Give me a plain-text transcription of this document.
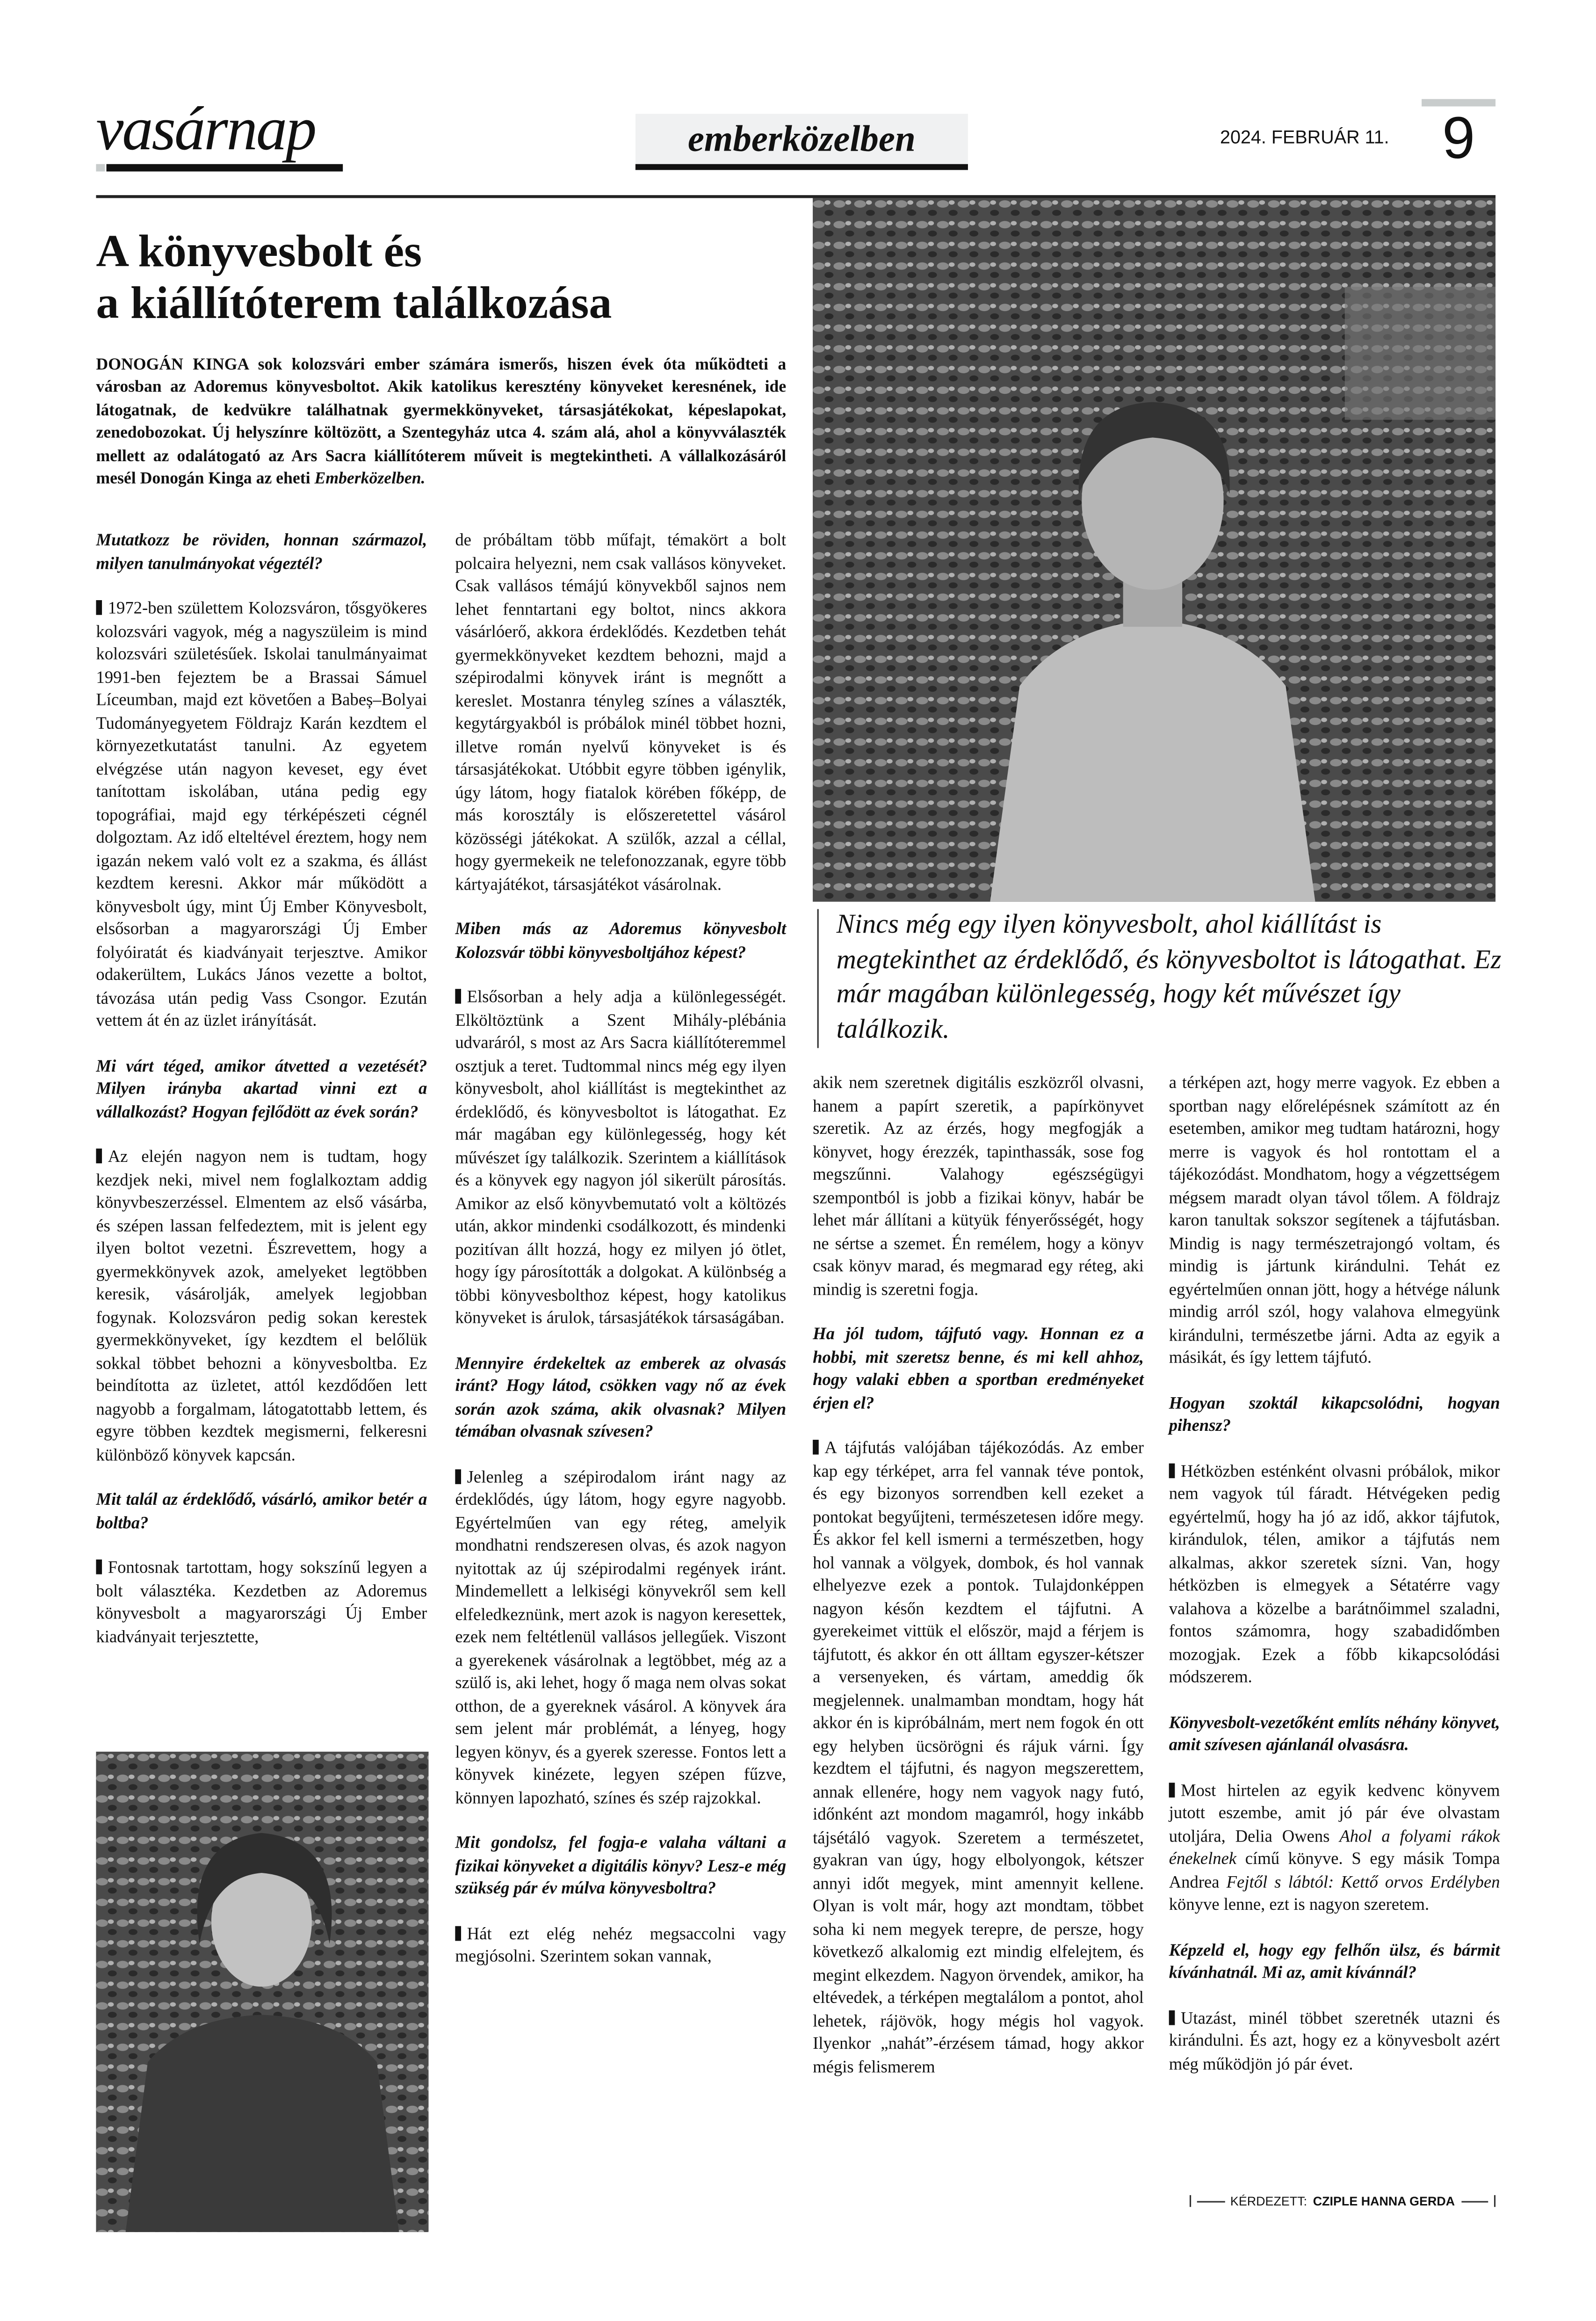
vasárnap	emberközelben	2024. FEBRUÁR 11.	9
A könyvesbolt és
a kiállítóterem találkozása
DONOGÁN KINGA sok kolozsvári ember számára ismerős, hiszen évek óta működteti a városban az Adoremus könyvesboltot. Akik katolikus keresztény könyveket keresnének, ide látogatnak, de kedvükre találhatnak gyermekkönyveket, társasjátékokat, képeslapokat, zenedobozokat. Új helyszínre költözött, a Szentegyház utca 4. szám alá, ahol a könyvválaszték mellett az odalátogató az Ars Sacra kiállítóterem műveit is megtekintheti. A vállalkozásáról mesél Donogán Kinga az eheti Emberközelben.
Nincs még egy ilyen könyvesbolt, ahol kiállítást is megtekinthet az érdeklődő, és könyvesboltot is látogathat. Ez már magában különlegesség, hogy két művészet így találkozik.

Mutatkozz be röviden, honnan származol, milyen tanulmányokat végeztél?

1972-ben születtem Kolozsváron, tősgyökeres kolozsvári vagyok, még a nagyszüleim is mind kolozsvári születésűek. Iskolai tanulmányaimat 1991-ben fejeztem be a Brassai Sámuel Líceumban, majd ezt követően a Babeș–Bolyai Tudományegyetem Földrajz Karán kezdtem el környezetkutatást tanulni. Az egyetem elvégzése után nagyon keveset, egy évet tanítottam iskolában, utána pedig egy topográfiai, majd egy térképészeti cégnél dolgoztam. Az idő elteltével éreztem, hogy nem igazán nekem való volt ez a szakma, és állást kezdtem keresni. Akkor már működött a könyvesbolt úgy, mint Új Ember Könyvesbolt, elsősorban a magyarországi Új Ember folyóiratát és kiadványait terjesztve. Amikor odakerültem, Lukács János vezette a boltot, távozása után pedig Vass Csongor. Ezután vettem át én az üzlet irányítását.

Mi várt téged, amikor átvetted a vezetését? Milyen irányba akartad vinni ezt a vállalkozást? Hogyan fejlődött az évek során?

Az elején nagyon nem is tudtam, hogy kezdjek neki, mivel nem foglalkoztam addig könyvbeszerzéssel. Elmentem az első vásárba, és szépen lassan felfedeztem, mit is jelent egy ilyen boltot vezetni. Észrevettem, hogy a gyermekkönyvek azok, amelyeket legtöbben keresik, vásárolják, amelyek legjobban fogynak. Kolozsváron pedig sokan kerestek gyermekkönyveket, így kezdtem el belőlük sokkal többet behozni a könyvesboltba. Ez beindította az üzletet, attól kezdődően lett nagyobb a forgalmam, látogatottabb lettem, és egyre többen kezdtek megismerni, felkeresni különböző könyvek kapcsán.

Mit talál az érdeklődő, vásárló, amikor betér a boltba?

Fontosnak tartottam, hogy sokszínű legyen a bolt választéka. Kezdetben az Adoremus könyvesbolt a magyarországi Új Ember kiadványait terjesztette,

de próbáltam több műfajt, témakört a bolt polcaira helyezni, nem csak vallásos könyveket. Csak vallásos témájú könyvekből sajnos nem lehet fenntartani egy boltot, nincs akkora vásárlóerő, akkora érdeklődés. Kezdetben tehát gyermekkönyveket kezdtem behozni, majd a szépirodalmi könyvek iránt is megnőtt a kereslet. Mostanra tényleg színes a választék, kegytárgyakból is próbálok minél többet hozni, illetve román nyelvű könyveket is és társasjátékokat. Utóbbit egyre többen igénylik, úgy látom, hogy fiatalok körében főképp, de más korosztály is előszeretettel vásárol közösségi játékokat. A szülők, azzal a céllal, hogy gyermekeik ne telefonozzanak, egyre több kártyajátékot, társasjátékot vásárolnak.

Miben más az Adoremus könyvesbolt Kolozsvár többi könyvesboltjához képest?

Elsősorban a hely adja a különlegességét. Elköltöztünk a Szent Mihály-plébánia udvaráról, s most az Ars Sacra kiállítóteremmel osztjuk a teret. Tudtommal nincs még egy ilyen könyvesbolt, ahol kiállítást is megtekinthet az érdeklődő, és könyvesboltot is látogathat. Ez már magában egy különlegesség, hogy két művészet így találkozik. Szerintem a kiállítások és a könyvek egy nagyon jól sikerült párosítás. Amikor az első könyvbemutató volt a költözés után, akkor mindenki csodálkozott, és mindenki pozitívan állt hozzá, hogy ez milyen jó ötlet, hogy így párosították a dolgokat. A különbség a többi könyvesbolthoz képest, hogy katolikus könyveket is árulok, társasjátékok társaságában.

Mennyire érdekeltek az emberek az olvasás iránt? Hogy látod, csökken vagy nő az évek során azok száma, akik olvasnak? Milyen témában olvasnak szívesen?

Jelenleg a szépirodalom iránt nagy az érdeklődés, úgy látom, hogy egyre nagyobb. Egyértelműen van egy réteg, amelyik mondhatni rendszeresen olvas, és azok nagyon nyitottak az új szépirodalmi regények iránt. Mindemellett a lelkiségi könyvekről sem kell elfeledkeznünk, mert azok is nagyon keresettek, ezek nem feltétlenül vallásos jellegűek. Viszont a gyerekenek vásárolnak a legtöbbet, még az a szülő is, aki lehet, hogy ő maga nem olvas sokat otthon, de a gyereknek vásárol. A könyvek ára sem jelent már problémát, a lényeg, hogy legyen könyv, és a gyerek szeresse. Fontos lett a könyvek kinézete, legyen szépen fűzve, könnyen lapozható, színes és szép rajzokkal.

Mit gondolsz, fel fogja-e valaha váltani a fizikai könyveket a digitális könyv? Lesz-e még szükség pár év múlva könyvesboltra?

Hát ezt elég nehéz megsaccolni vagy megjósolni. Szerintem sokan vannak,

akik nem szeretnek digitális eszközről olvasni, hanem a papírt szeretik, a papírkönyvet szeretik. Az az érzés, hogy megfogják a könyvet, hogy érezzék, tapinthassák, sose fog megszűnni. Valahogy egészségügyi szempontból is jobb a fizikai könyv, habár be lehet már állítani a kütyük fényerősségét, hogy ne sértse a szemet. Én remélem, hogy a könyv csak könyv marad, és megmarad egy réteg, aki mindig is szeretni fogja.

Ha jól tudom, tájfutó vagy. Honnan ez a hobbi, mit szeretsz benne, és mi kell ahhoz, hogy valaki ebben a sportban eredményeket érjen el?

A tájfutás valójában tájékozódás. Az ember kap egy térképet, arra fel vannak téve pontok, és egy bizonyos sorrendben kell ezeket a pontokat begyűjteni, természetesen időre megy. És akkor fel kell ismerni a természetben, hogy hol vannak a völgyek, dombok, és hol vannak elhelyezve ezek a pontok. Tulajdonképpen nagyon későn kezdtem el tájfutni. A gyerekeimet vittük el először, majd a férjem is tájfutott, és akkor én ott álltam egyszer-kétszer a versenyeken, és vártam, ameddig ők megjelennek. unalmamban mondtam, hogy hát akkor én is kipróbálnám, mert nem fogok én ott egy helyben ücsörögni és rájuk várni. Így kezdtem el tájfutni, és nagyon megszerettem, annak ellenére, hogy nem vagyok nagy futó, időnként azt mondom magamról, hogy inkább tájsétáló vagyok. Szeretem a természetet, gyakran van úgy, hogy elbolyongok, kétszer annyi időt megyek, mint amennyit kellene. Olyan is volt már, hogy azt mondtam, többet soha ki nem megyek terepre, de persze, hogy következő alkalomig ezt mindig elfelejtem, és megint elkezdem. Nagyon örvendek, amikor, ha eltévedek, a térképen megtalálom a pontot, ahol lehetek, rájövök, hogy mégis hol vagyok. Ilyenkor „nahát”-érzésem támad, hogy akkor mégis felismerem

a térképen azt, hogy merre vagyok. Ez ebben a sportban nagy előrelépésnek számított az én esetemben, amikor meg tudtam határozni, hogy merre is vagyok és hol rontottam el a tájékozódást. Mondhatom, hogy a végzettségem mégsem maradt olyan távol tőlem. A földrajz karon tanultak sokszor segítenek a tájfutásban. Mindig is nagy természetrajongó voltam, és mindig is jártunk kirándulni. Tehát ez egyértelműen onnan jött, hogy a hétvége nálunk mindig arról szól, hogy valahova elmegyünk kirándulni, természetbe járni. Adta az egyik a másikát, és így lettem tájfutó.

Hogyan szoktál kikapcsolódni, hogyan pihensz?

Hétközben esténként olvasni próbálok, mikor nem vagyok túl fáradt. Hétvégeken pedig egyértelmű, hogy ha jó az idő, akkor tájfutok, kirándulok, télen, amikor a tájfutás nem alkalmas, akkor szeretek sízni. Van, hogy hétközben is elmegyek a Sétatérre vagy valahova a közelbe a barátnőimmel szaladni, fontos számomra, hogy szabadidőmben mozogjak. Ezek a főbb kikapcsolódási módszerem.

Könyvesbolt-vezetőként említs néhány könyvet, amit szívesen ajánlanál olvasásra.

Most hirtelen az egyik kedvenc könyvem jutott eszembe, amit jó pár éve olvastam utoljára, Delia Owens Ahol a folyami rákok énekelnek című könyve. S egy másik Tompa Andrea Fejtől s lábtól: Kettő orvos Erdélyben könyve lenne, ezt is nagyon szeretem.

Képzeld el, hogy egy felhőn ülsz, és bármit kívánhatnál. Mi az, amit kívánnál?

Utazást, minél többet szeretnék utazni és kirándulni. És azt, hogy ez a könyvesbolt azért még működjön jó pár évet.

KÉRDEZETT: CZIPLE HANNA GERDA
